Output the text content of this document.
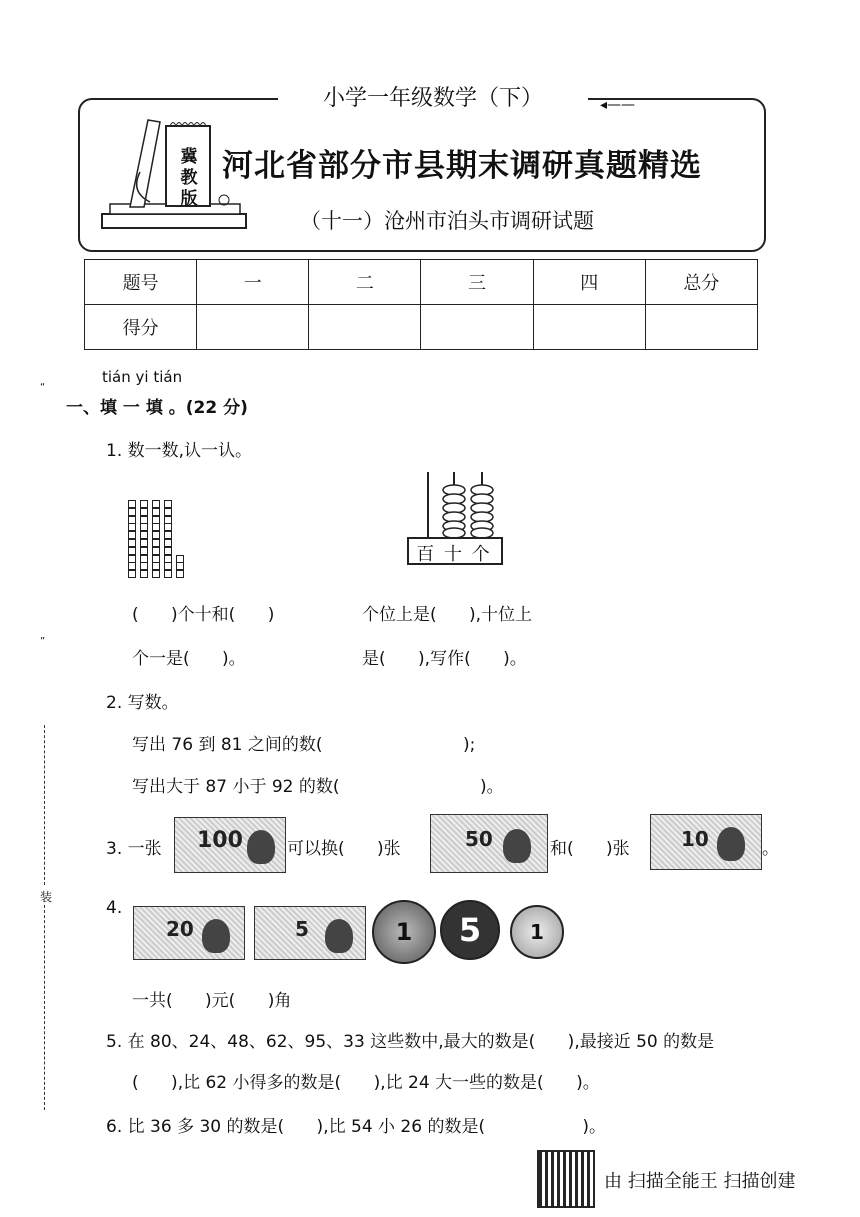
小学一年级数学（下）	◂——
冀教版
河北省部分市县期末调研真题精选
（十一）沧州市泊头市调研试题
题号	一	二	三	四	总分
得分					
“
”
装
tián yi tián
一、填 一 填 。(22 分)
1. 数一数,认一认。
百 十 个
(      )个十和(      )
个一是(      )。
个位上是(      ),十位上
是(      ),写作(      )。
2. 写数。
写出 76 到 81 之间的数(                          );
写出大于 87 小于 92 的数(                          )。
3. 一张 100	可以换(      )张	50	和(      )张	10	。
4.
20	5	1	5	1
一共(      )元(      )角
5. 在 80、24、48、62、95、33 这些数中,最大的数是(      ),最接近 50 的数是
(      ),比 62 小得多的数是(      ),比 24 大一些的数是(      )。
6. 比 36 多 30 的数是(      ),比 54 小 26 的数是(                  )。
由 扫描全能王 扫描创建
